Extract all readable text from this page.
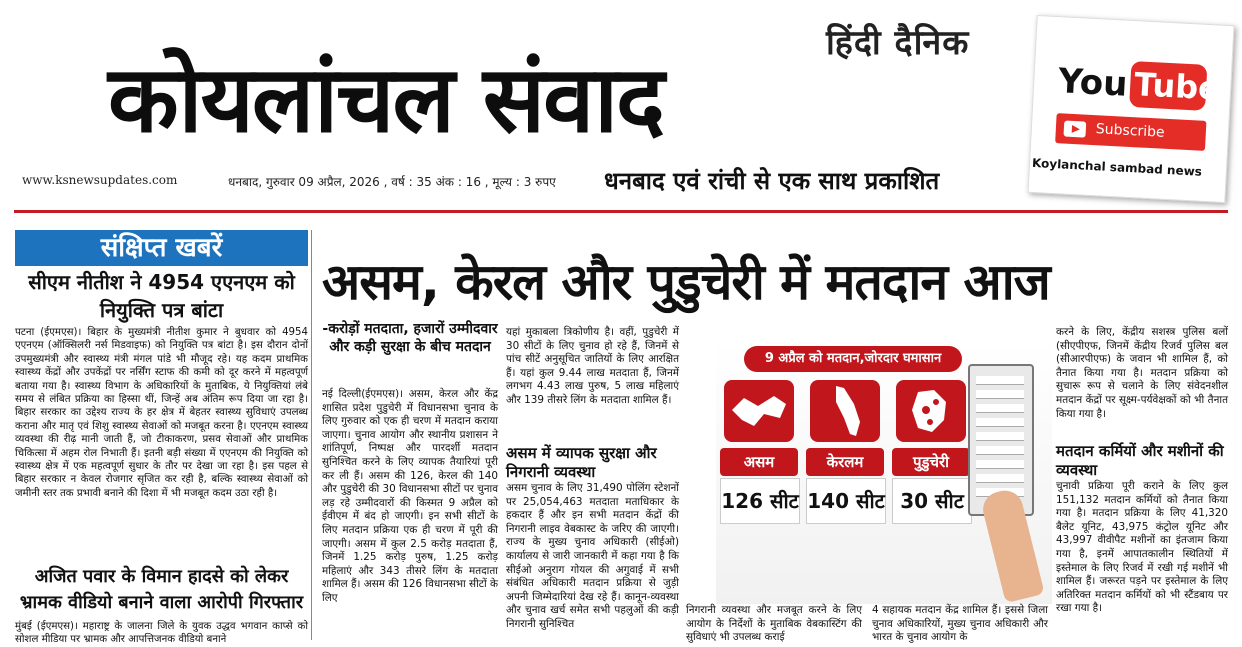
हिंदी दैनिक
कोयलांचल संवाद
www.ksnewsupdates.com	धनबाद, गुरुवार 09 अप्रैल, 2026 , वर्ष : 35 अंक : 16 , मूल्य : 3 रुपए धनबाद एवं रांची से एक साथ प्रकाशित
You Tube
Subscribe
Koylanchal sambad news
संक्षिप्त खबरें
सीएम नीतीश ने 4954 एएनएम को नियुक्ति पत्र बांटा
पटना (ईएमएस)। बिहार के मुख्यमंत्री नीतीश कुमार ने बुधवार को 4954 एएनएम (ऑक्सिलरी नर्स मिडवाइफ) को नियुक्ति पत्र बांटा है। इस दौरान दोनों उपमुख्यमंत्री और स्वास्थ्य मंत्री मंगल पांडे भी मौजूद रहे। यह कदम प्राथमिक स्वास्थ्य केंद्रों और उपकेंद्रों पर नर्सिंग स्टाफ की कमी को दूर करने में महत्वपूर्ण बताया गया है। स्वास्थ्य विभाग के अधिकारियों के मुताबिक, ये नियुक्तियां लंबे समय से लंबित प्रक्रिया का हिस्सा थीं, जिन्हें अब अंतिम रूप दिया जा रहा है। बिहार सरकार का उद्देश्य राज्य के हर क्षेत्र में बेहतर स्वास्थ्य सुविधाएं उपलब्ध कराना और मातृ एवं शिशु स्वास्थ्य सेवाओं को मजबूत करना है। एएनएम स्वास्थ्य व्यवस्था की रीढ़ मानी जाती हैं, जो टीकाकरण, प्रसव सेवाओं और प्राथमिक चिकित्सा में अहम रोल निभाती हैं। इतनी बड़ी संख्या में एएनएम की नियुक्ति को स्वास्थ्य क्षेत्र में एक महत्वपूर्ण सुधार के तौर पर देखा जा रहा है। इस पहल से बिहार सरकार न केवल रोजगार सृजित कर रही है, बल्कि स्वास्थ्य सेवाओं को जमीनी स्तर तक प्रभावी बनाने की दिशा में भी मजबूत कदम उठा रही है।
अजित पवार के विमान हादसे को लेकर भ्रामक वीडियो बनाने वाला आरोपी गिरफ्तार
मुंबई (ईएमएस)। महाराष्ट्र के जालना जिले के युवक उद्धव भगवान काप्से को सोशल मीडिया पर भ्रामक और आपत्तिजनक वीडियो बनाने
असम, केरल और पुडुचेरी में मतदान आज
-करोड़ों मतदाता, हजारों उम्मीदवार और कड़ी सुरक्षा के बीच मतदान
नई दिल्ली(ईएमएस)। असम, केरल और केंद्र शासित प्रदेश पुडुचेरी में विधानसभा चुनाव के लिए गुरुवार को एक ही चरण में मतदान कराया जाएगा। चुनाव आयोग और स्थानीय प्रशासन ने शांतिपूर्ण, निष्पक्ष और पारदर्शी मतदान सुनिश्चित करने के लिए व्यापक तैयारियां पूरी कर ली हैं। असम की 126, केरल की 140 और पुडुचेरी की 30 विधानसभा सीटों पर चुनाव लड़ रहे उम्मीदवारों की किस्मत 9 अप्रैल को ईवीएम में बंद हो जाएगी। इन सभी सीटों के लिए मतदान प्रक्रिया एक ही चरण में पूरी की जाएगी। असम में कुल 2.5 करोड़ मतदाता हैं, जिनमें 1.25 करोड़ पुरुष, 1.25 करोड़ महिलाएं और 343 तीसरे लिंग के मतदाता शामिल हैं। असम की 126 विधानसभा सीटों के लिए
यहां मुकाबला त्रिकोणीय है। वहीं, पुडुचेरी में 30 सीटों के लिए चुनाव हो रहे हैं, जिनमें से पांच सीटें अनुसूचित जातियों के लिए आरक्षित हैं। यहां कुल 9.44 लाख मतदाता हैं, जिनमें लगभग 4.43 लाख पुरुष, 5 लाख महिलाएं और 139 तीसरे लिंग के मतदाता शामिल हैं।
असम में व्यापक सुरक्षा और निगरानी व्यवस्था
असम चुनाव के लिए 31,490 पोलिंग स्टेशनों पर 25,054,463 मतदाता मताधिकार के हकदार हैं और इन सभी मतदान केंद्रों की निगरानी लाइव वेबकास्ट के जरिए की जाएगी। राज्य के मुख्य चुनाव अधिकारी (सीईओ) कार्यालय से जारी जानकारी में कहा गया है कि सीईओ अनुराग गोयल की अगुवाई में सभी संबंधित अधिकारी मतदान प्रक्रिया से जुड़ी अपनी जिम्मेदारियां देख रहे हैं। कानून-व्यवस्था और चुनाव खर्च समेत सभी पहलुओं की कड़ी निगरानी सुनिश्चित
9 अप्रैल को मतदान,जोरदार घमासान
असम	केरलम	पुडुचेरी
126 सीट 140 सीट 30 सीट
निगरानी व्यवस्था और मजबूत करने के लिए आयोग के निर्देशों के मुताबिक वेबकास्टिंग की सुविधाएं भी उपलब्ध कराई
4 सहायक मतदान केंद्र शामिल हैं। इससे जिला चुनाव अधिकारियों, मुख्य चुनाव अधिकारी और भारत के चुनाव आयोग के
करने के लिए, केंद्रीय सशस्त्र पुलिस बलों (सीएपीएफ, जिनमें केंद्रीय रिजर्व पुलिस बल (सीआरपीएफ) के जवान भी शामिल हैं, को तैनात किया गया है। मतदान प्रक्रिया को सुचारू रूप से चलाने के लिए संवेदनशील मतदान केंद्रों पर सूक्ष्म-पर्यवेक्षकों को भी तैनात किया गया है।
मतदान कर्मियों और मशीनों की व्यवस्था
चुनावी प्रक्रिया पूरी कराने के लिए कुल 151,132 मतदान कर्मियों को तैनात किया गया है। मतदान प्रक्रिया के लिए 41,320 बैलेट यूनिट, 43,975 कंट्रोल यूनिट और 43,997 वीवीपैट मशीनों का इंतजाम किया गया है, इनमें आपातकालीन स्थितियों में इस्तेमाल के लिए रिजर्व में रखी गई मशीनें भी शामिल हैं। जरूरत पड़ने पर इस्तेमाल के लिए अतिरिक्त मतदान कर्मियों को भी स्टैंडबाय पर रखा गया है।
